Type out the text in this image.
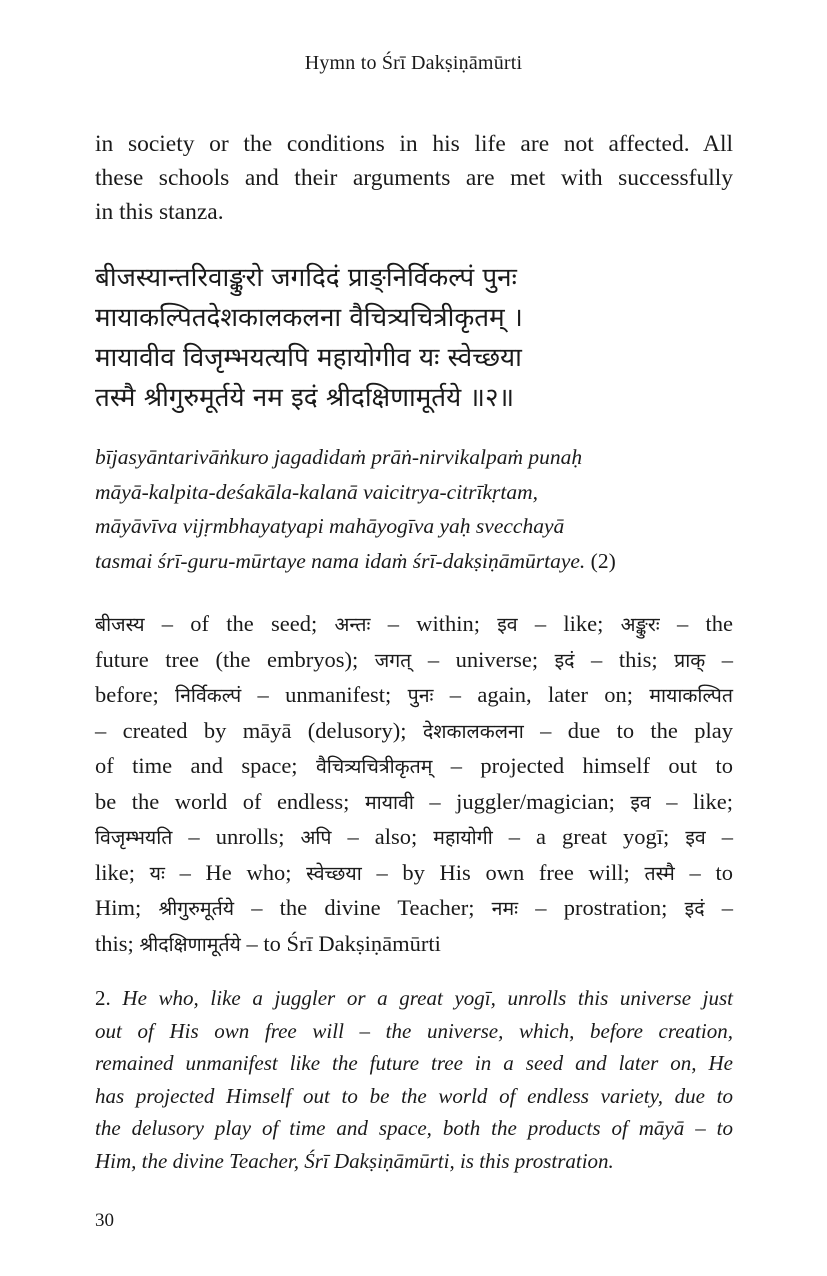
Hymn to Śrī Dakṣiṇāmūrti
in society or the conditions in his life are not affected. All
these schools and their arguments are met with successfully
in this stanza.
बीजस्यान्तरिवाङ्कुरो जगदिदं प्राङ्निर्विकल्पं पुनः
मायाकल्पितदेशकालकलना वैचित्र्यचित्रीकृतम् ।
मायावीव विजृम्भयत्यपि महायोगीव यः स्वेच्छया
तस्मै श्रीगुरुमूर्तये नम इदं श्रीदक्षिणामूर्तये ॥२॥
bījasyāntarivāṅkuro jagadidaṁ prāṅ-nirvikalpaṁ punaḥ
māyā-kalpita-deśakāla-kalanā vaicitrya-citrīkṛtam,
māyāvīva vijṛmbhayatyapi mahāyogīva yaḥ svecchayā
tasmai śrī-guru-mūrtaye nama idaṁ śrī-dakṣiṇāmūrtaye. (2)
बीजस्य – of the seed; अन्तः – within; इव – like; अङ्कुरः – the
future tree (the embryos); जगत् – universe; इदं – this; प्राक् –
before; निर्विकल्पं – unmanifest; पुनः – again, later on; मायाकल्पित
– created by māyā (delusory); देशकालकलना – due to the play
of time and space; वैचित्र्यचित्रीकृतम् – projected himself out to
be the world of endless; मायावी – juggler/magician; इव – like;
विजृम्भयति – unrolls; अपि – also; महायोगी – a great yogī; इव –
like; यः – He who; स्वेच्छया – by His own free will; तस्मै – to
Him; श्रीगुरुमूर्तये – the divine Teacher; नमः – prostration; इदं –
this; श्रीदक्षिणामूर्तये – to Śrī Dakṣiṇāmūrti
2. He who, like a juggler or a great yogī, unrolls this universe just
out of His own free will – the universe, which, before creation,
remained unmanifest like the future tree in a seed and later on, He
has projected Himself out to be the world of endless variety, due to
the delusory play of time and space, both the products of māyā – to
Him, the divine Teacher, Śrī Dakṣiṇāmūrti, is this prostration.
30
